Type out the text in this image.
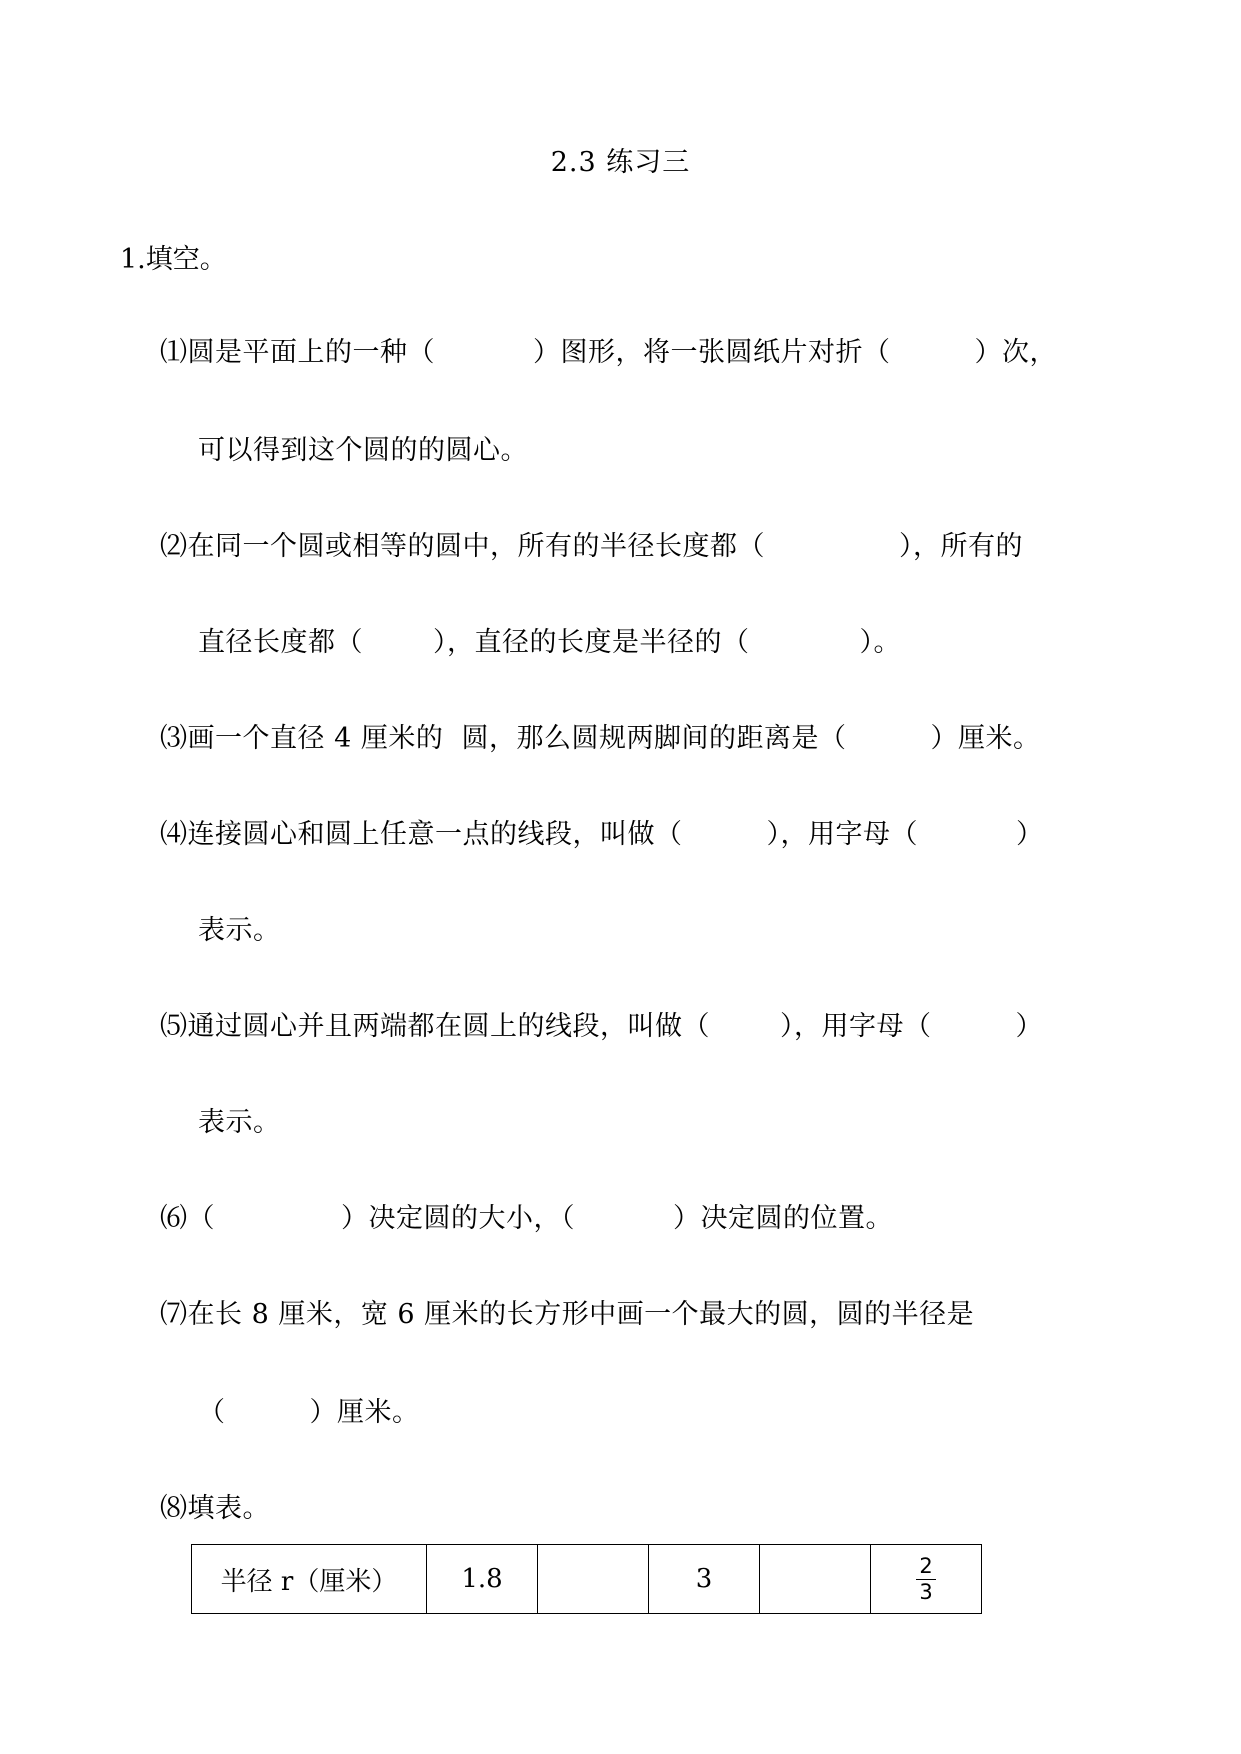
2.3 练习三
1.填空。
⑴圆是平面上的一种（	）图形，将一张圆纸片对折（	）次，
可以得到这个圆的的圆心。
⑵在同一个圆或相等的圆中，所有的半径长度都（	），所有的
直径长度都（	），直径的长度是半径的（	）。
⑶画一个直径 4 厘米的  圆，那么圆规两脚间的距离是（	）厘米。
⑷连接圆心和圆上任意一点的线段，叫做（	），用字母（	）
表示。
⑸通过圆心并且两端都在圆上的线段，叫做（	），用字母（	）
表示。
⑹（	）决定圆的大小，（	）决定圆的位置。
⑺在长 8 厘米，宽 6 厘米的长方形中画一个最大的圆，圆的半径是
（	）厘米。
⑻填表。
半径 r（厘米）	1.8		3		$\frac{2}{3}$
